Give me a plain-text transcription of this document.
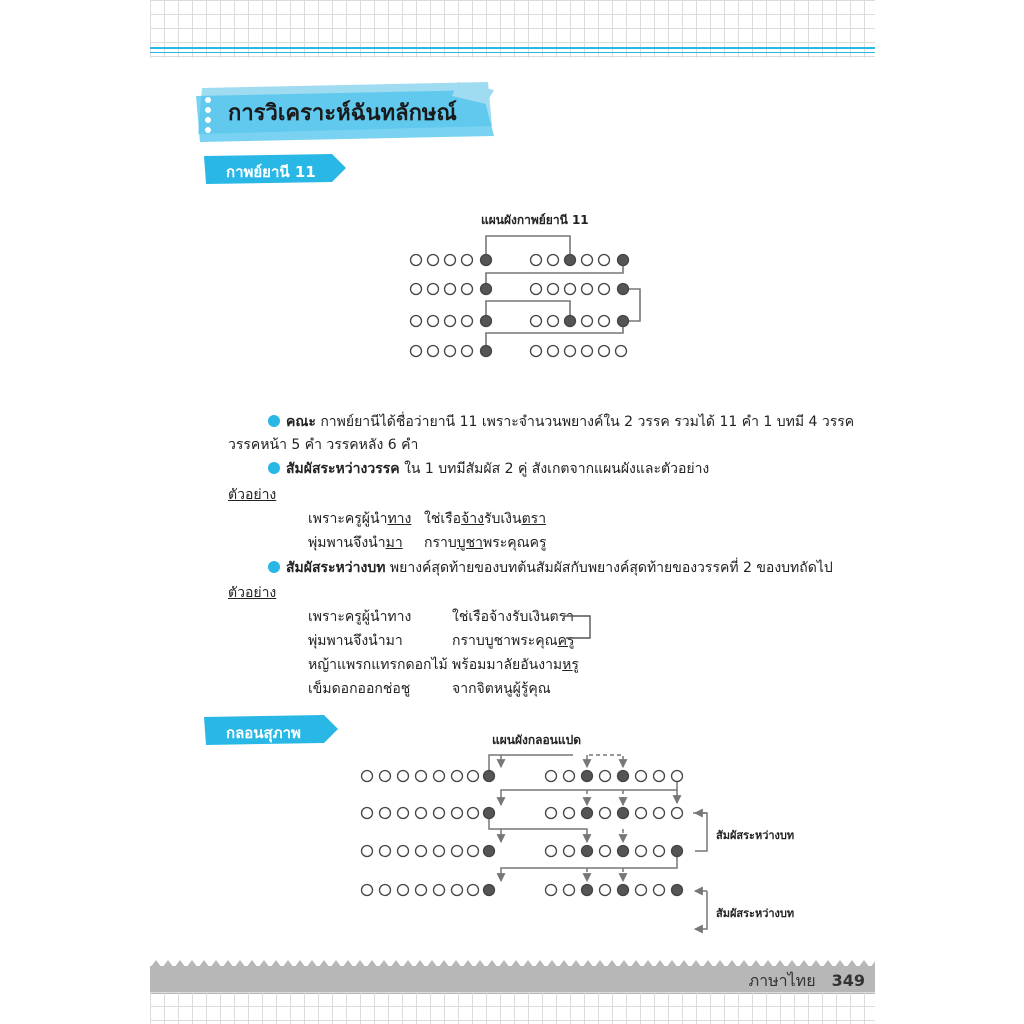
การวิเคราะห์ฉันทลักษณ์
กาพย์ยานี 11
แผนผังกาพย์ยานี 11
คณะ กาพย์ยานีได้ชื่อว่ายานี 11 เพราะจำนวนพยางค์ใน 2 วรรค รวมได้ 11 คำ 1 บทมี 4 วรรค
วรรคหน้า 5 คำ วรรคหลัง 6 คำ
สัมผัสระหว่างวรรค ใน 1 บทมีสัมผัส 2 คู่ สังเกตจากแผนผังและตัวอย่าง
ตัวอย่าง
เพราะครูผู้นำทาง ใช่เรือจ้างรับเงินตรา
พุ่มพานจึงนำมา กราบบูชาพระคุณครู
สัมผัสระหว่างบท พยางค์สุดท้ายของบทต้นสัมผัสกับพยางค์สุดท้ายของวรรคที่ 2 ของบทถัดไป
ตัวอย่าง
เพราะครูผู้นำทาง	ใช่เรือจ้างรับเงินตรา
พุ่มพานจึงนำมา	กราบบูชาพระคุณครู
หญ้าแพรกแทรกดอกไม้ พร้อมมาลัยอันงามหรู
เข็มดอกออกช่อชู	จากจิตหนูผู้รู้คุณ
กลอนสุภาพ	แผนผังกลอนแปด
สัมผัสระหว่างบท
สัมผัสระหว่างบท
ภาษาไทย 349
